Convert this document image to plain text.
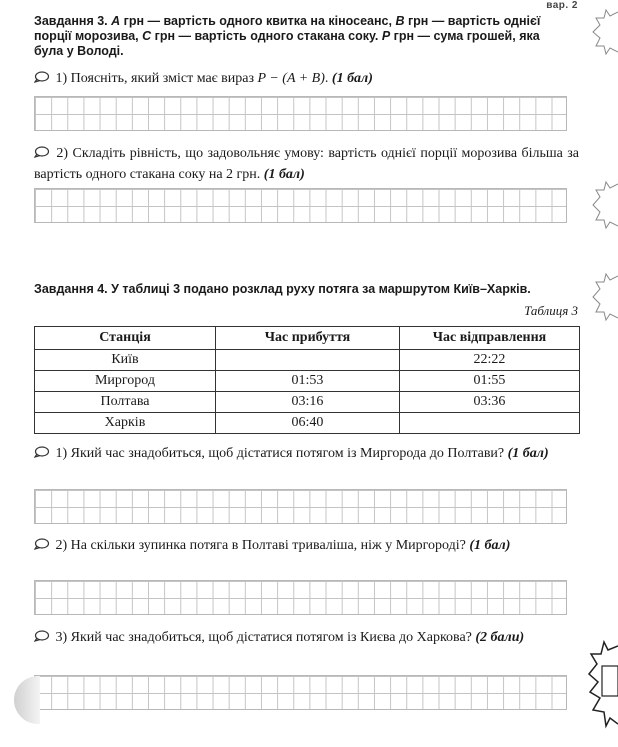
вар. 2
Завдання 3. A грн — вартість одного квитка на кіносеанс, B грн — вартість однієї
порції морозива, C грн — вартість одного стакана соку. P грн — сума грошей, яка
була у Володі.
1) Поясніть, який зміст має вираз P − (A + B). (1 бал)
2) Складіть рівність, що задовольняє умову: вартість однієї порції морозива більша за вартість одного стакана соку на 2 грн. (1 бал)
Завдання 4. У таблиці 3 подано розклад руху потяга за маршрутом Київ–Харків.
Таблиця 3
Станція	Час прибуття	Час відправлення
Київ		22:22
Миргород	01:53	01:55
Полтава	03:16	03:36
Харків	06:40	
1) Який час знадобиться, щоб дістатися потягом із Миргорода до Полтави? (1 бал)
2) На скільки зупинка потяга в Полтаві триваліша, ніж у Миргороді? (1 бал)
3) Який час знадобиться, щоб дістатися потягом із Києва до Харкова? (2 бали)
